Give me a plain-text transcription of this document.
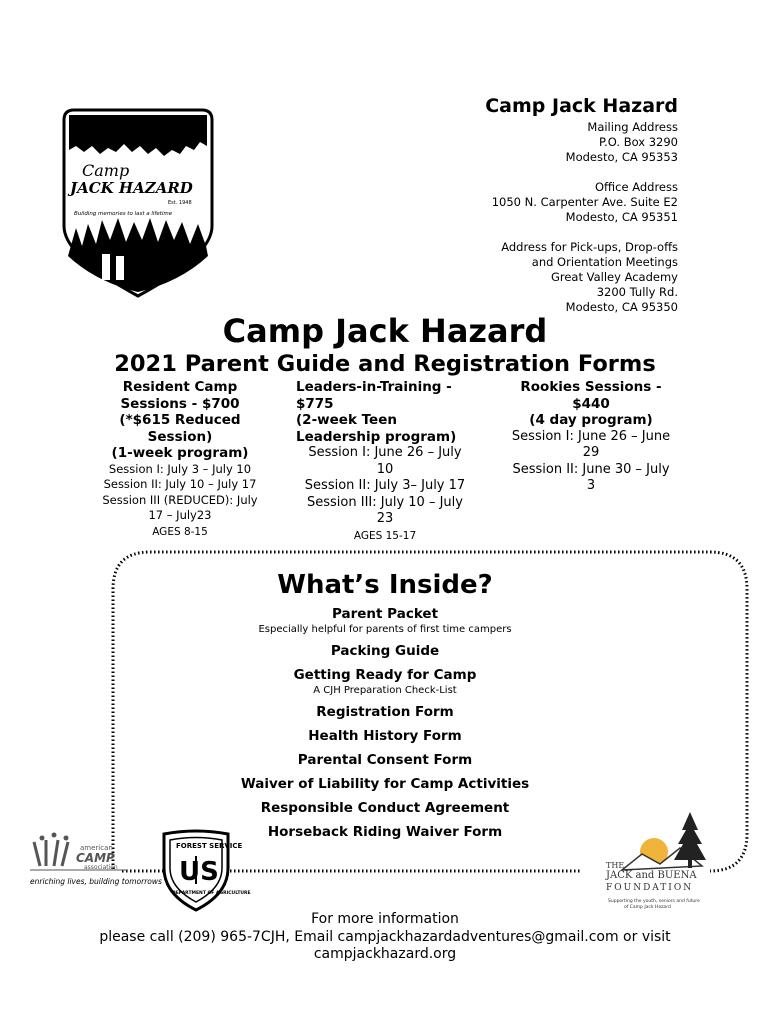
Camp
JACK HAZARD
Est. 1948
Building memories to last a lifetime
Camp Jack Hazard
Mailing Address
P.O. Box 3290
Modesto, CA 95353
Office Address
1050 N. Carpenter Ave. Suite E2
Modesto, CA 95351
Address for Pick-ups, Drop-offs
and Orientation Meetings
Great Valley Academy
3200 Tully Rd.
Modesto, CA 95350
Camp Jack Hazard
2021 Parent Guide and Registration Forms
Resident Camp
Sessions - $700
(*$615 Reduced
Session)
(1-week program)
Session I: July 3 – July 10
Session II: July 10 – July 17
Session III (REDUCED): July
17 – July23
AGES 8-15
Leaders-in-Training -
$775
(2-week Teen
Leadership program)
Session I: June 26 – July
10
Session II: July 3– July 17
Session III: July 10 – July
23
AGES 15-17
Rookies Sessions -
$440
(4 day program)
Session I: June 26 – June
29
Session II: June 30 – July
3
What’s Inside?
Parent Packet
Especially helpful for parents of first time campers
Packing Guide
Getting Ready for Camp
A CJH Preparation Check-List
Registration Form
Health History Form
Parental Consent Form
Waiver of Liability for Camp Activities
Responsible Conduct Agreement
Horseback Riding Waiver Form
american
CAMP
association
enriching lives, building tomorrows
FOREST SERVICE
US
DEPARTMENT OF AGRICULTURE
THE
JACK and BUENA
FOUNDATION
Supporting the youth, seniors and future
of Camp Jack Hazard
For more information
please call (209) 965-7CJH, Email campjackhazardadventures@gmail.com or visit
campjackhazard.org
